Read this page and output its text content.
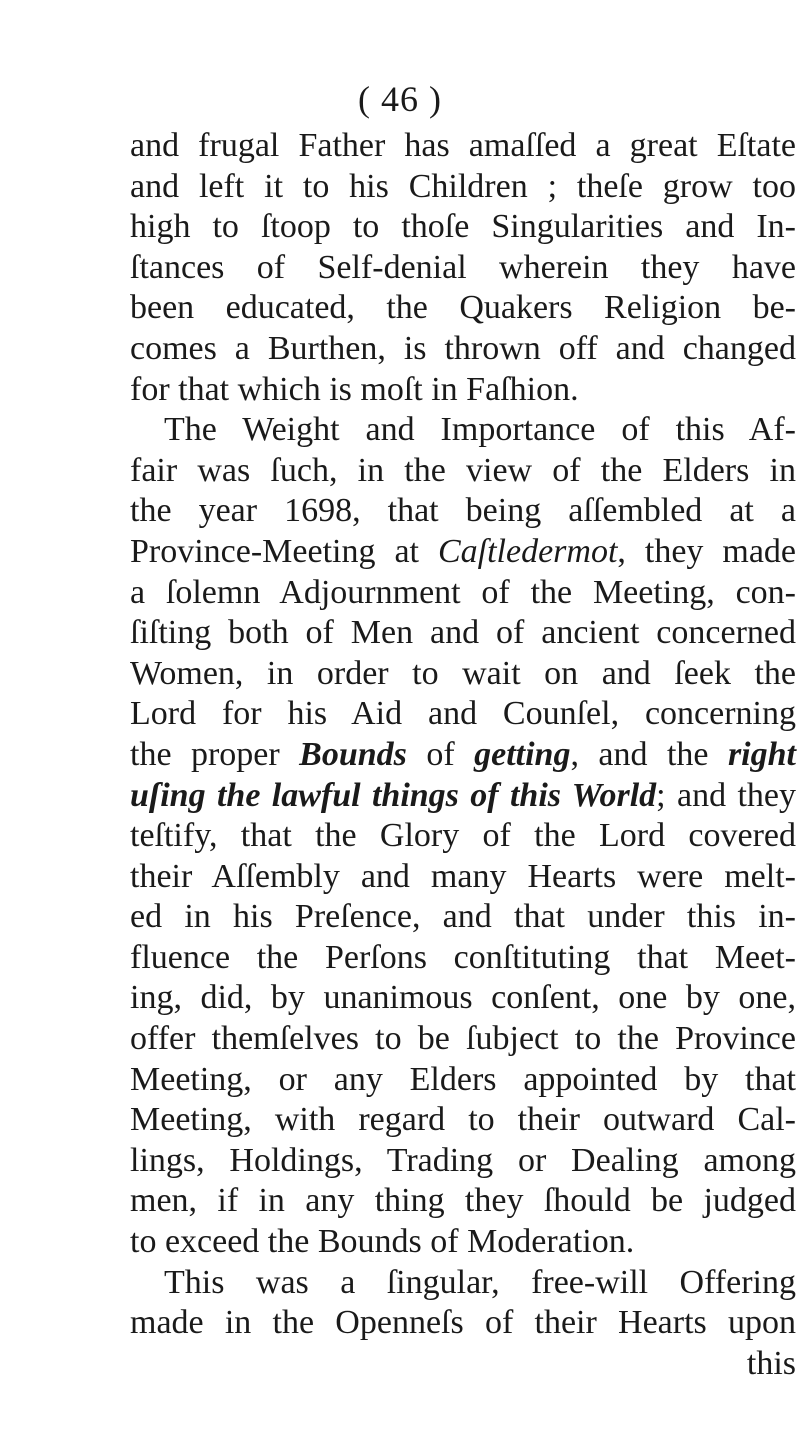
( 46 )
and frugal Father has amaſſed a great Eſtate
and left it to his Children ; theſe grow too
high to ſtoop to thoſe Singularities and In-
ſtances of Self-denial wherein they have
been educated, the Quakers Religion be-
comes a Burthen, is thrown off and changed
for that which is moſt in Faſhion.
The Weight and Importance of this Af-
fair was ſuch, in the view of the Elders in
the year 1698, that being aſſembled at a
Province-Meeting at Caſtledermot, they made
a ſolemn Adjournment of the Meeting, con-
ſiſting both of Men and of ancient concerned
Women, in order to wait on and ſeek the
Lord for his Aid and Counſel, concerning
the proper Bounds of getting, and the right
uſing the lawful things of this World; and they
teſtify, that the Glory of the Lord covered
their Aſſembly and many Hearts were melt-
ed in his Preſence, and that under this in-
fluence the Perſons conſtituting that Meet-
ing, did, by unanimous conſent, one by one,
offer themſelves to be ſubject to the Province
Meeting, or any Elders appointed by that
Meeting, with regard to their outward Cal-
lings, Holdings, Trading or Dealing among
men, if in any thing they ſhould be judged
to exceed the Bounds of Moderation.
This was a ſingular, free-will Offering
made in the Openneſs of their Hearts upon
this
